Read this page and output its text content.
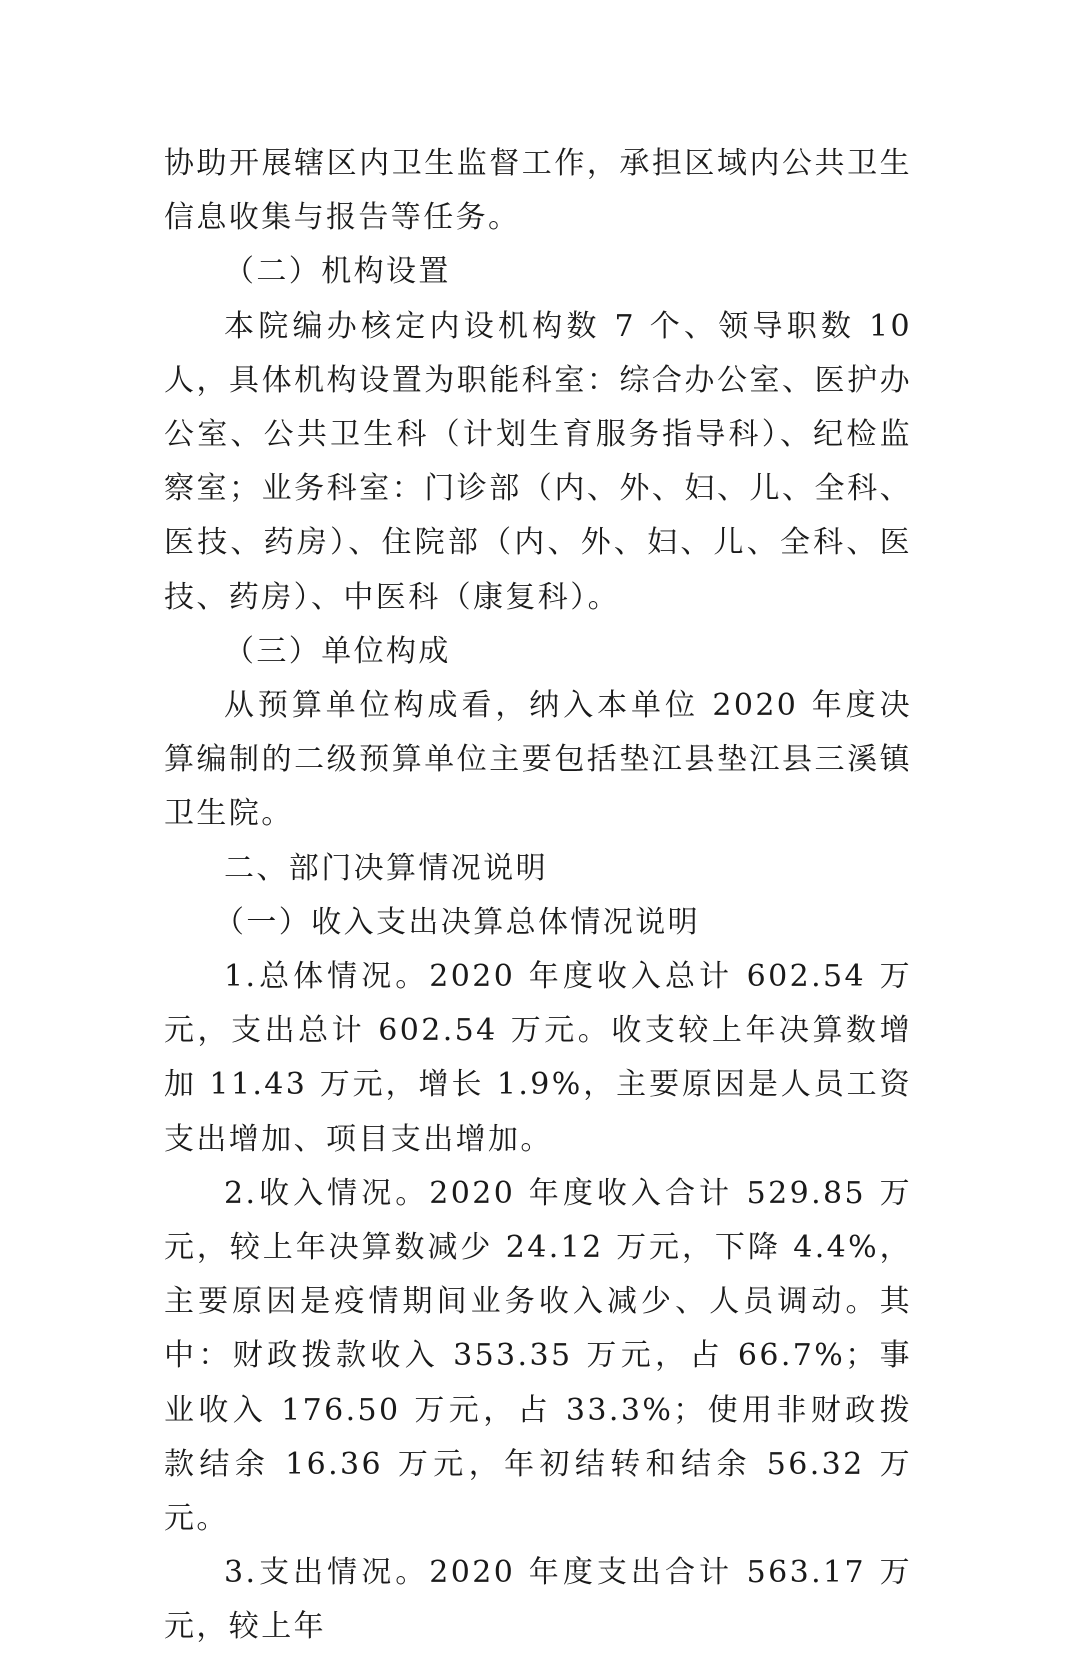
协助开展辖区内卫生监督工作，承担区域内公共卫生信息收集与报告等任务。

（二）机构设置

本院编办核定内设机构数 7 个、领导职数 10 人，具体机构设置为职能科室：综合办公室、医护办公室、公共卫生科（计划生育服务指导科）、纪检监察室；业务科室：门诊部（内、外、妇、儿、全科、医技、药房）、住院部（内、外、妇、儿、全科、医技、药房）、中医科（康复科）。

（三）单位构成

从预算单位构成看，纳入本单位 2020 年度决算编制的二级预算单位主要包括垫江县垫江县三溪镇卫生院。

二、部门决算情况说明

（一）收入支出决算总体情况说明

1.总体情况。2020 年度收入总计 602.54 万元，支出总计 602.54 万元。收支较上年决算数增加 11.43 万元，增长 1.9%，主要原因是人员工资支出增加、项目支出增加。

2.收入情况。2020 年度收入合计 529.85 万元，较上年决算数减少 24.12 万元，下降 4.4%，主要原因是疫情期间业务收入减少、人员调动。其中：财政拨款收入 353.35 万元，占 66.7%；事业收入 176.50 万元，占 33.3%；使用非财政拨款结余 16.36 万元，年初结转和结余 56.32 万元。

3.支出情况。2020 年度支出合计 563.17 万元，较上年
